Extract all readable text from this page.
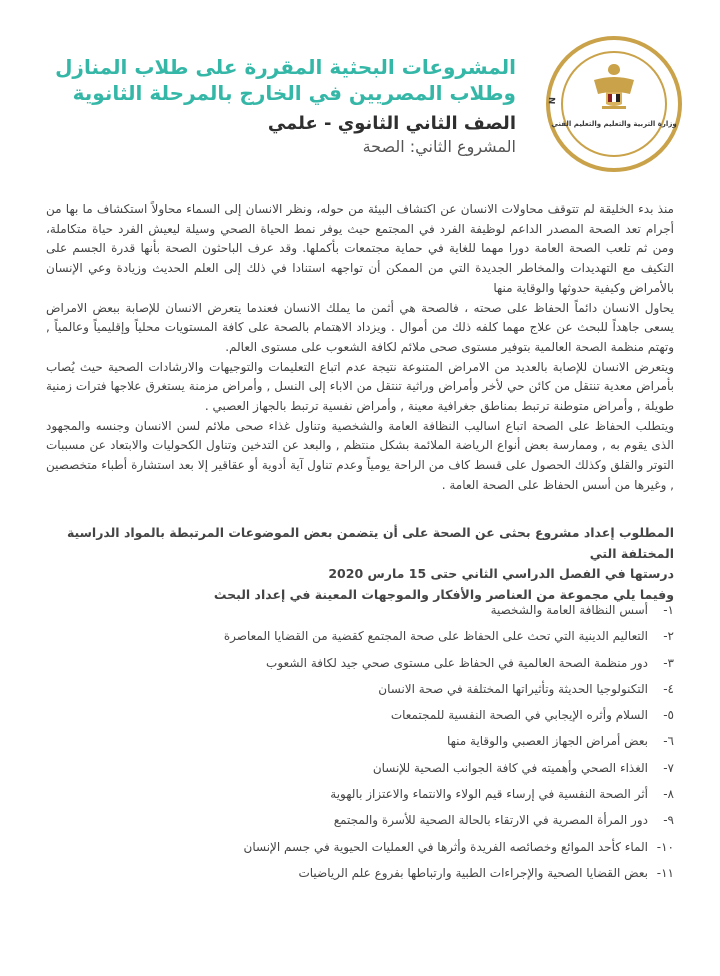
N
وزارة التربية والتعليم والتعليم الفني
المشروعات البحثية المقررة على طلاب المنازل
وطلاب المصريين في الخارج بالمرحلة الثانوية
الصف الثاني الثانوي - علمي
المشروع الثاني: الصحة

منذ بدء الخليقة لم تتوقف محاولات الانسان عن اكتشاف البيئة من حوله، ونظر الانسان إلى السماء محاولاً استكشاف ما بها من أجرام تعد الصحة المصدر الداعم لوظيفة الفرد في المجتمع حيث يوفر نمط الحياة الصحي وسيلة ليعيش الفرد حياة متكاملة، ومن ثم تلعب الصحة العامة دورا مهما للغاية في حماية مجتمعات بأكملها. وقد عرف الباحثون الصحة بأنها قدرة الجسم على التكيف مع التهديدات والمخاطر الجديدة التي من الممكن أن تواجهه استنادا في ذلك إلى العلم الحديث وزيادة وعي الإنسان بالأمراض وكيفية حدوثها والوقاية منها

يحاول الانسان دائماً الحفاظ على صحته ، فالصحة هي أثمن ما يملك الانسان فعندما يتعرض الانسان للإصابة ببعض الامراض يسعى جاهداً للبحث عن علاج مهما كلفه ذلك من أموال . ويزداد الاهتمام بالصحة على كافة المستويات محلياً وإقليمياً وعالمياً , وتهتم منظمة الصحة العالمية بتوفير مستوى صحى ملائم لكافة الشعوب على مستوى العالم.

ويتعرض الانسان للإصابة بالعديد من الامراض المتنوعة نتيجة عدم اتباع التعليمات والتوجيهات والارشادات الصحية حيث يُصاب بأمراض معدية تنتقل من كائن حي لأخر وأمراض وراثية تنتقل من الاباء إلى النسل , وأمراض مزمنة يستغرق علاجها فترات زمنية طويلة , وأمراض متوطنة ترتبط بمناطق جغرافية معينة , وأمراض نفسية ترتبط بالجهاز العصبي .

ويتطلب الحفاظ على الصحة اتباع اساليب النظافة العامة والشخصية وتناول غذاء صحى ملائم لسن الانسان وجنسه والمجهود الذى يقوم به , وممارسة بعض أنواع الرياضة الملائمة بشكل منتظم , والبعد عن التدخين وتناول الكحوليات والابتعاد عن مسببات التوتر والقلق وكذلك الحصول على قسط كاف من الراحة يومياً وعدم تناول آية أدوية أو عقاقير إلا بعد استشارة أطباء متخصصين , وغيرها من أسس الحفاظ على الصحة العامة .

المطلوب إعداد مشروع بحثى عن الصحة على أن يتضمن بعض الموضوعات المرتبطة بالمواد الدراسية المختلفة التي

درستها في الفصل الدراسي الثاني حتى 15 مارس 2020

وفيما يلي مجموعة من العناصر والأفكار والموجهات المعينة في إعداد البحث

١-أسس النظافة العامة والشخصية
٢-التعاليم الدينية التي تحث على الحفاظ على صحة المجتمع كقضية من القضايا المعاصرة
٣-دور منظمة الصحة العالمية في الحفاظ على مستوى صحي جيد لكافة الشعوب
٤-التكنولوجيا الحديثة وتأثيراتها المختلفة في صحة الانسان
٥-السلام وأثره الإيجابي في الصحة النفسية للمجتمعات
٦-بعض أمراض الجهاز العصبي والوقاية منها
٧-الغذاء الصحي وأهميته في كافة الجوانب الصحية للإنسان
٨-أثر الصحة النفسية في إرساء قيم الولاء والانتماء والاعتزاز بالهوية
٩-دور المرأة المصرية في الارتقاء بالحالة الصحية للأسرة والمجتمع
١٠-الماء كأحد الموائع وخصائصه الفريدة وأثرها في العمليات الحيوية في جسم الإنسان
١١-بعض القضايا الصحية والإجراءات الطبية وارتباطها بفروع علم الرياضيات
